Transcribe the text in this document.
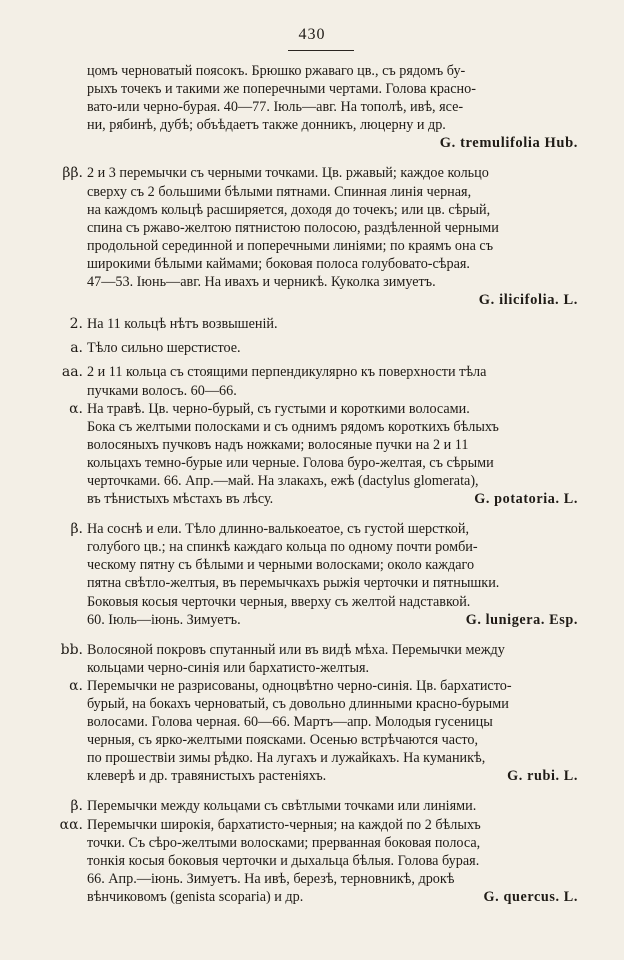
430
цомъ черноватый поясокъ. Брюшко ржаваго цв., съ рядомъ бу-
рыхъ точекъ и такими же поперечными чертами. Голова красно-
вато-или черно-бурая. 40—77. Іюль—авг. На тополѣ, ивѣ, ясе-
ни, рябинѣ, дубѣ; объѣдаетъ также донникъ, люцерну и др.
G. tremulifolia Hub.
ββ. 2 и 3 перемычки съ черными точками. Цв. ржавый; каждое кольцо
сверху съ 2 большими бѣлыми пятнами. Спинная линія черная,
на каждомъ кольцѣ расширяется, доходя до точекъ; или цв. сѣрый,
спина съ ржаво-желтою пятнистою полосою, раздѣленной черными
продольной серединной и поперечными линіями; по краямъ она съ
широкими бѣлыми каймами; боковая полоса голубовато-сѣрая.
47—53. Іюнь—авг. На ивахъ и черникѣ. Куколка зимуетъ.
G. ilicifolia. L.
2. На 11 кольцѣ нѣтъ возвышеній.
a. Тѣло сильно шерстистое.
aa. 2 и 11 кольца съ стоящими перпендикулярно къ поверхности тѣла
пучками волосъ. 60—66.
α. На травѣ. Цв. черно-бурый, съ густыми и короткими волосами.
Бока съ желтыми полосками и съ однимъ рядомъ короткихъ бѣлыхъ
волосяныхъ пучковъ надъ ножками; волосяные пучки на 2 и 11
кольцахъ темно-бурые или черные. Голова буро-желтая, съ сѣрыми
черточками. 66. Апр.—май. На злакахъ, ежѣ (dactylus glomerata),
въ тѣнистыхъ мѣстахъ въ лѣсу.	G. potatoria. L.
β. На соснѣ и ели. Тѣло длинно-валькоеатое, съ густой шерсткой,
голубого цв.; на спинкѣ каждаго кольца по одному почти ромби-
ческому пятну съ бѣлыми и черными волосками; около каждаго
пятна свѣтло-желтыя, въ перемычкахъ рыжія черточки и пятнышки.
Боковыя косыя черточки черныя, вверху съ желтой надставкой.
60. Іюль—іюнь. Зимуетъ.	G. lunigera. Esp.
bb. Волосяной покровъ спутанный или въ видѣ мѣха. Перемычки между
кольцами черно-синія или бархатисто-желтыя.
α. Перемычки не разрисованы, одноцвѣтно черно-синія. Цв. бархатисто-
бурый, на бокахъ черноватый, съ довольно длинными красно-бурыми
волосами. Голова черная. 60—66. Мартъ—апр. Молодыя гусеницы
черныя, съ ярко-желтыми поясками. Осенью встрѣчаются часто,
по прошествіи зимы рѣдко. На лугахъ и лужайкахъ. На куманикѣ,
клеверѣ и др. травянистыхъ растеніяхъ.	G. rubi. L.
β. Перемычки между кольцами съ свѣтлыми точками или линіями.
αα. Перемычки широкія, бархатисто-черныя; на каждой по 2 бѣлыхъ
точки. Съ сѣро-желтыми волосками; прерванная боковая полоса,
тонкія косыя боковыя черточки и дыхальца бѣлыя. Голова бурая.
66. Апр.—іюнь. Зимуетъ. На ивѣ, березѣ, терновникѣ, дрокѣ
вѣнчиковомъ (genista scoparia) и др.	G. quercus. L.
